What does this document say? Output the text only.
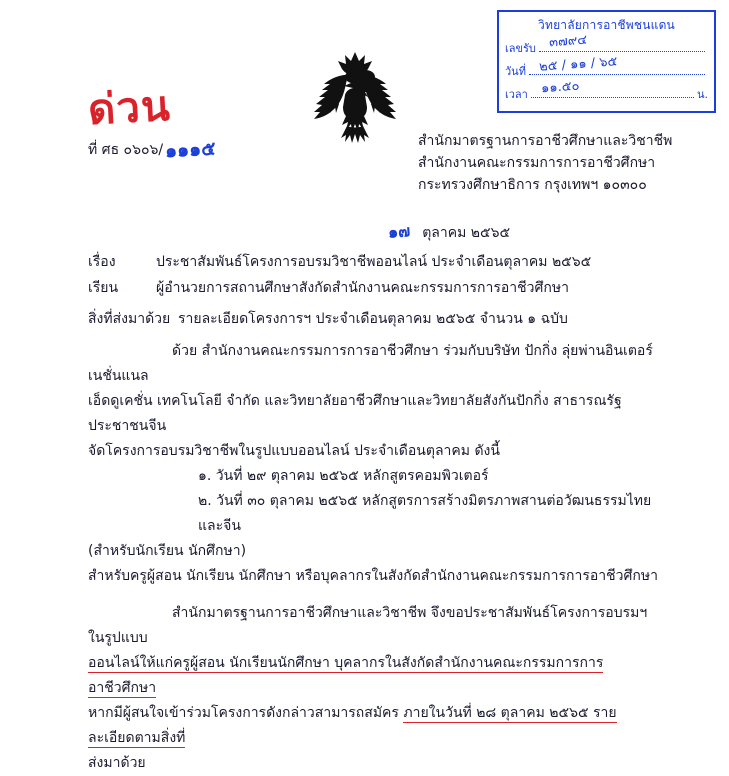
วิทยาลัยการอาชีพชนแดน
เลขรับ ๓๗๙๔
วันที่ ๒๕ / ๑๑ / ๖๕
เวลา ๑๑.๕๐	น.
ด่วน
ที่ ศธ ๐๖๐๖/๑๑๑๕	สำนักมาตรฐานการอาชีวศึกษาและวิชาชีพ
สำนักงานคณะกรรมการการอาชีวศึกษา
กระทรวงศึกษาธิการ กรุงเทพฯ ๑๐๓๐๐
๑๗ ตุลาคม ๒๕๖๕
เรื่อง	ประชาสัมพันธ์โครงการอบรมวิชาชีพออนไลน์ ประจำเดือนตุลาคม ๒๕๖๕
เรียน	ผู้อำนวยการสถานศึกษาสังกัดสำนักงานคณะกรรมการการอาชีวศึกษา
สิ่งที่ส่งมาด้วย รายละเอียดโครงการฯ ประจำเดือนตุลาคม ๒๕๖๕ จำนวน ๑ ฉบับ

ด้วย สำนักงานคณะกรรมการการอาชีวศึกษา ร่วมกับบริษัท ปักกิ่ง ลุ่ยพ่านอินเตอร์เนชั่นแนล

เอ็ดดูเคชั่น เทคโนโลยี จำกัด และวิทยาลัยอาชีวศึกษาและวิทยาลัยสังกันปักกิ่ง สาธารณรัฐประชาชนจีน

จัดโครงการอบรมวิชาชีพในรูปแบบออนไลน์ ประจำเดือนตุลาคม ดังนี้

๑. วันที่ ๒๙ ตุลาคม ๒๕๖๕ หลักสูตรคอมพิวเตอร์

๒. วันที่ ๓๐ ตุลาคม ๒๕๖๕ หลักสูตรการสร้างมิตรภาพสานต่อวัฒนธรรมไทยและจีน

(สำหรับนักเรียน นักศึกษา)

สำหรับครูผู้สอน นักเรียน นักศึกษา หรือบุคลากรในสังกัดสำนักงานคณะกรรมการการอาชีวศึกษา

สำนักมาตรฐานการอาชีวศึกษาและวิชาชีพ จึงขอประชาสัมพันธ์โครงการอบรมฯ ในรูปแบบ

ออนไลน์ให้แก่ครูผู้สอน นักเรียนนักศึกษา บุคลากรในสังกัดสำนักงานคณะกรรมการการอาชีวศึกษา

หากมีผู้สนใจเข้าร่วมโครงการดังกล่าวสามารถสมัคร ภายในวันที่ ๒๘ ตุลาคม ๒๕๖๕ รายละเอียดตามสิ่งที่

ส่งมาด้วย
